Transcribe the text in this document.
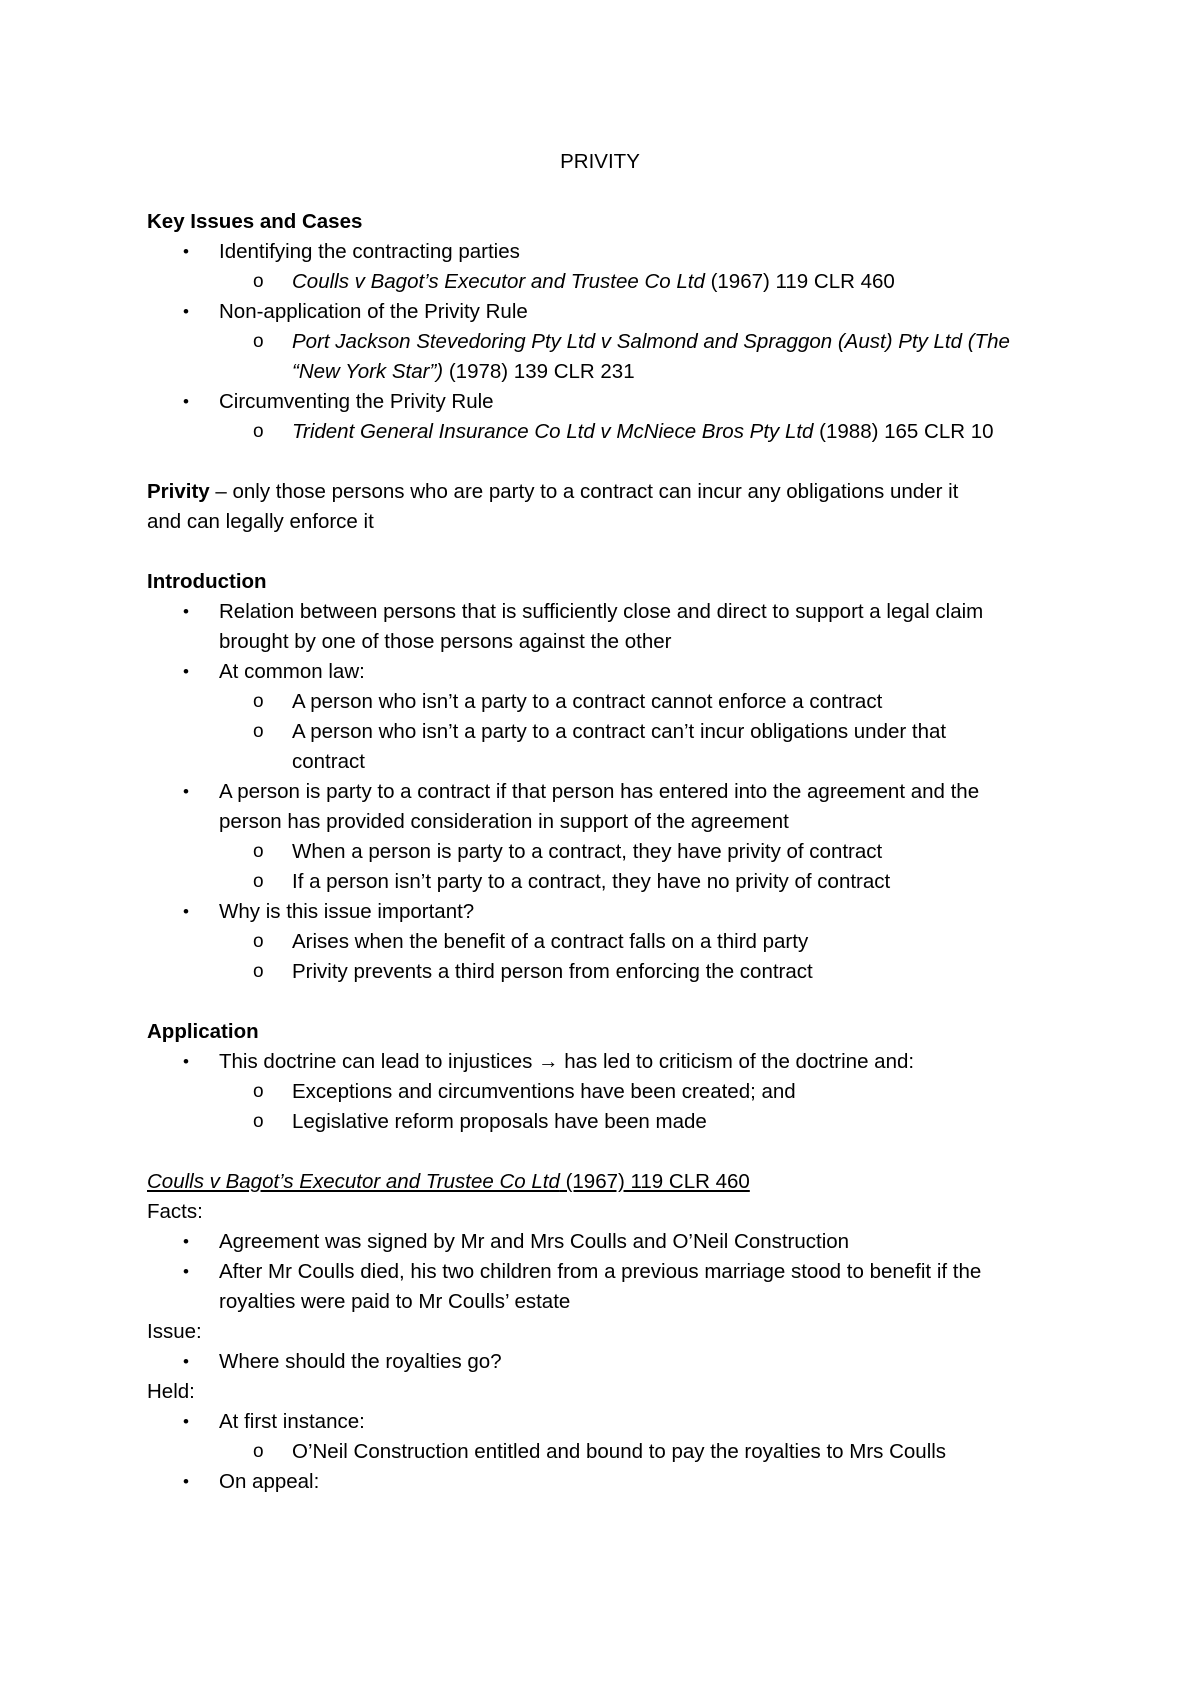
PRIVITY
Key Issues and Cases
• Identifying the contracting parties
o Coulls v Bagot’s Executor and Trustee Co Ltd (1967) 119 CLR 460
• Non-application of the Privity Rule
o Port Jackson Stevedoring Pty Ltd v Salmond and Spraggon (Aust) Pty Ltd (The
“New York Star”) (1978) 139 CLR 231
• Circumventing the Privity Rule
o Trident General Insurance Co Ltd v McNiece Bros Pty Ltd (1988) 165 CLR 10
Privity – only those persons who are party to a contract can incur any obligations under it
and can legally enforce it
Introduction
• Relation between persons that is sufficiently close and direct to support a legal claim
brought by one of those persons against the other
• At common law:
o A person who isn’t a party to a contract cannot enforce a contract
o A person who isn’t a party to a contract can’t incur obligations under that
contract
• A person is party to a contract if that person has entered into the agreement and the
person has provided consideration in support of the agreement
o When a person is party to a contract, they have privity of contract
o If a person isn’t party to a contract, they have no privity of contract
• Why is this issue important?
o Arises when the benefit of a contract falls on a third party
o Privity prevents a third person from enforcing the contract
Application
• This doctrine can lead to injustices → has led to criticism of the doctrine and:
o Exceptions and circumventions have been created; and
o Legislative reform proposals have been made
Coulls v Bagot’s Executor and Trustee Co Ltd (1967) 119 CLR 460
Facts:
• Agreement was signed by Mr and Mrs Coulls and O’Neil Construction
• After Mr Coulls died, his two children from a previous marriage stood to benefit if the
royalties were paid to Mr Coulls’ estate
Issue:
• Where should the royalties go?
Held:
• At first instance:
o O’Neil Construction entitled and bound to pay the royalties to Mrs Coulls
• On appeal:
